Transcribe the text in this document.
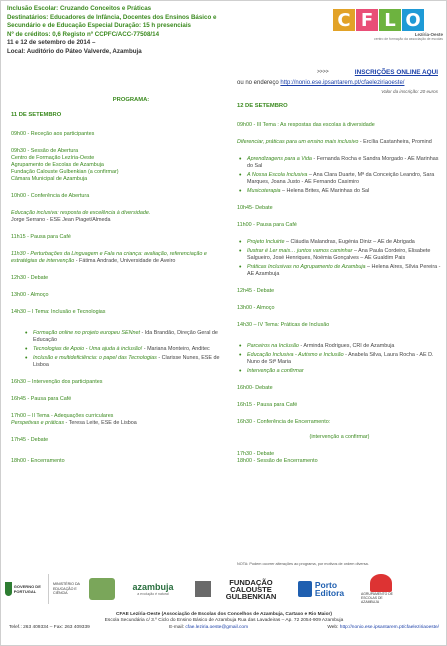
Inclusão Escolar: Cruzando Conceitos e Práticas
Destinatários: Educadores de Infância, Docentes dos Ensinos Básico e
Secundário e de Educação Especial Duração: 15 h presenciais
Nº de créditos: 0,6 Registo nº CCPFC/ACC-77508/14
11 e 12 de setembro de 2014 –
Local: Auditório do Páteo Valverde, Azambuja
C F L O
Lezíria-Oeste
centro de formação da associação de escolas
>>>>	INSCRIÇÕES ONLINE AQUI
ou no endereço http://nonio.ese.ipsantarem.pt/cfaeleziriaoeste/
Valor da inscrição: 20 euros
PROGRAMA:
11 DE SETEMBRO
09h00 - Receção aos participantes
09h30 - Sessão de Abertura
Centro de Formação Lezíria-Oeste
Agrupamento de Escolas de Azambuja
Fundação Calouste Gulbenkian (a confirmar)
Câmara Municipal de Azambuja
10h00 - Conferência de Abertura
Educação inclusiva: resposta de excelência à diversidade.
Jorge Serrano - ESE Jean Piaget/Almeda
11h15 - Pausa para Café
11h30 - Perturbações da Linguagem e Fala na criança: avaliação, referenciação e estratégias de intervenção - Fátima Andrade, Universidade de Aveiro
12h30 - Debate
13h00 - Almoço
14h30 – I Tema: Inclusão e Tecnologias
• Formação online no projeto europeu SENnet - Ida Brandão, Direção Geral de Educação
• Tecnologias de Apoio - Uma ajuda à inclusão! - Mariana Monteiro, Anditec
• Inclusão e multideficiência: o papel das Tecnologias - Clarisse Nunes, ESE de Lisboa
16h30 – Intervenção dos participantes
16h45 - Pausa para Café
17h00 – II Tema - Adequações curriculares
Perspetivas e práticas - Teresa Leite, ESE de Lisboa
17h45 - Debate
18h00 - Encerramento
12 DE SETEMBRO
09h00 - III Tema : As respostas das escolas à diversidade
Diferenciar, práticas para um ensino mais inclusivo - Ercília Castanheira, Promind
• Aprendizagens para a Vida - Fernanda Rocha e Sandra Morgado - AE Marinhas do Sal
• A Nossa Escola Inclusiva – Ana Clara Duarte, Mª da Conceição Leandro, Sara Marques, Joana Justo - AE Fernando Casimiro
• Musicoterapia – Helena Brites, AE Marinhas do Sal
10h45- Debate
11h00 - Pausa para Café
• Projeto Incluirte – Cláudia Malandras, Eugénia Diniz – AE de Abrigada
• Ilustrar é Ler mais… juntos vamos caminhar – Ana Paula Cordeiro, Elisabete Salgueiro, José Henriques, Noémia Gonçalves – AE Gualdim Pais
• Práticas Inclusivas no Agrupamento de Azambuja – Helena Aires, Sílvia Pereira - AE Azambuja
12h45 - Debate
13h00 - Almoço
14h30 – IV Tema: Práticas de Inclusão
• Parceiros na Inclusão - Arminda Rodrigues, CRI de Azambuja
• Educação Inclusiva - Autismo e Inclusão - Anabela Silva, Laura Rocha - AE D. Nuno de Stª Maria
• Intervenção a confirmar
16h00- Debate
16h15 - Pausa para Café
16h30 - Conferência de Encerramento:
(intervenção a confirmar)
17h30 - Debate
18h00 - Sessão de Encerramento
NOTA: Podem ocorrer alterações ao programa, por motivos de ordem diversa.
GOVERNO DE PORTUGAL
MINISTÉRIO DA EDUCAÇÃO E CIÊNCIA
azambuja
a evolução é natural
FUNDAÇÃO
CALOUSTE
GULBENKIAN
Porto
Editora	AGRUPAMENTO DE ESCOLAS DE AZAMBUJA
CFAE Lezíria-Oeste (Associação de Escolas dos Concelhos de Azambuja, Cartaxo e Rio Maior)
Escola Secundária c/ 3.º Ciclo do Ensino Básico de Azambuja Rua das Lavadeiras – Ap. 72 2054-909 Azambuja
Telef.: 263 409334 – Fax: 263 409339	E-mail: cfae.leziria.oeste@gmail.com	Web: http://nonio.ese.ipsantarem.pt/cfaeleziriaoeste/
